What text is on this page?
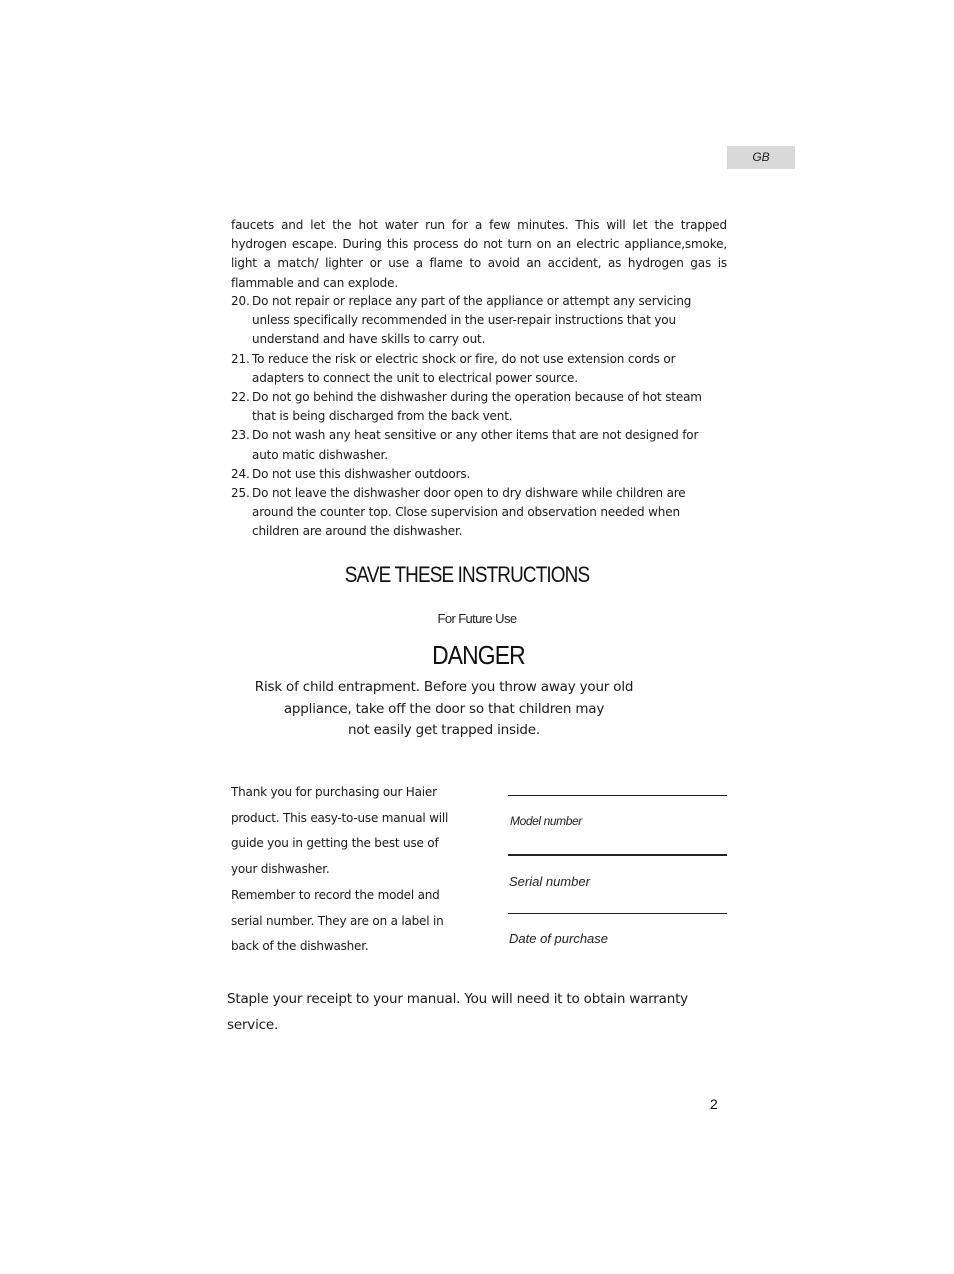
GB

faucets and let the hot water run for a few minutes. This will let the trapped hydrogen escape. During this process do not turn on an electric appliance,smoke, light a match/ lighter or use a flame to avoid an accident, as hydrogen gas is flammable and can explode.

20. Do not repair or replace any part of the appliance or attempt any servicing unless specifically recommended in the user-repair instructions that you understand and have skills to carry out.
21. To reduce the risk or electric shock or fire, do not use extension cords or adapters to connect the unit to electrical power source.
22. Do not go behind the dishwasher during the operation because of hot steam that is being discharged from the back vent.
23. Do not wash any heat sensitive or any other items that are not designed for auto matic dishwasher.
24. Do not use this dishwasher outdoors.
25. Do not leave the dishwasher door open to dry dishware while children are around the counter top. Close supervision and observation needed when children are around the dishwasher.
SAVE THESE INSTRUCTIONS
For Future Use
DANGER
Risk of child entrapment. Before you throw away your old
appliance, take off the door so that children may
not easily get trapped inside.

Thank you for purchasing our Haier
product. This easy-to-use manual will
guide you in getting the best use of
your dishwasher.
Remember to record the model and
serial number. They are on a label in
back of the dishwasher.

Model number
Serial number
Date of purchase

Staple your receipt to your manual. You will need it to obtain warranty service.

2
